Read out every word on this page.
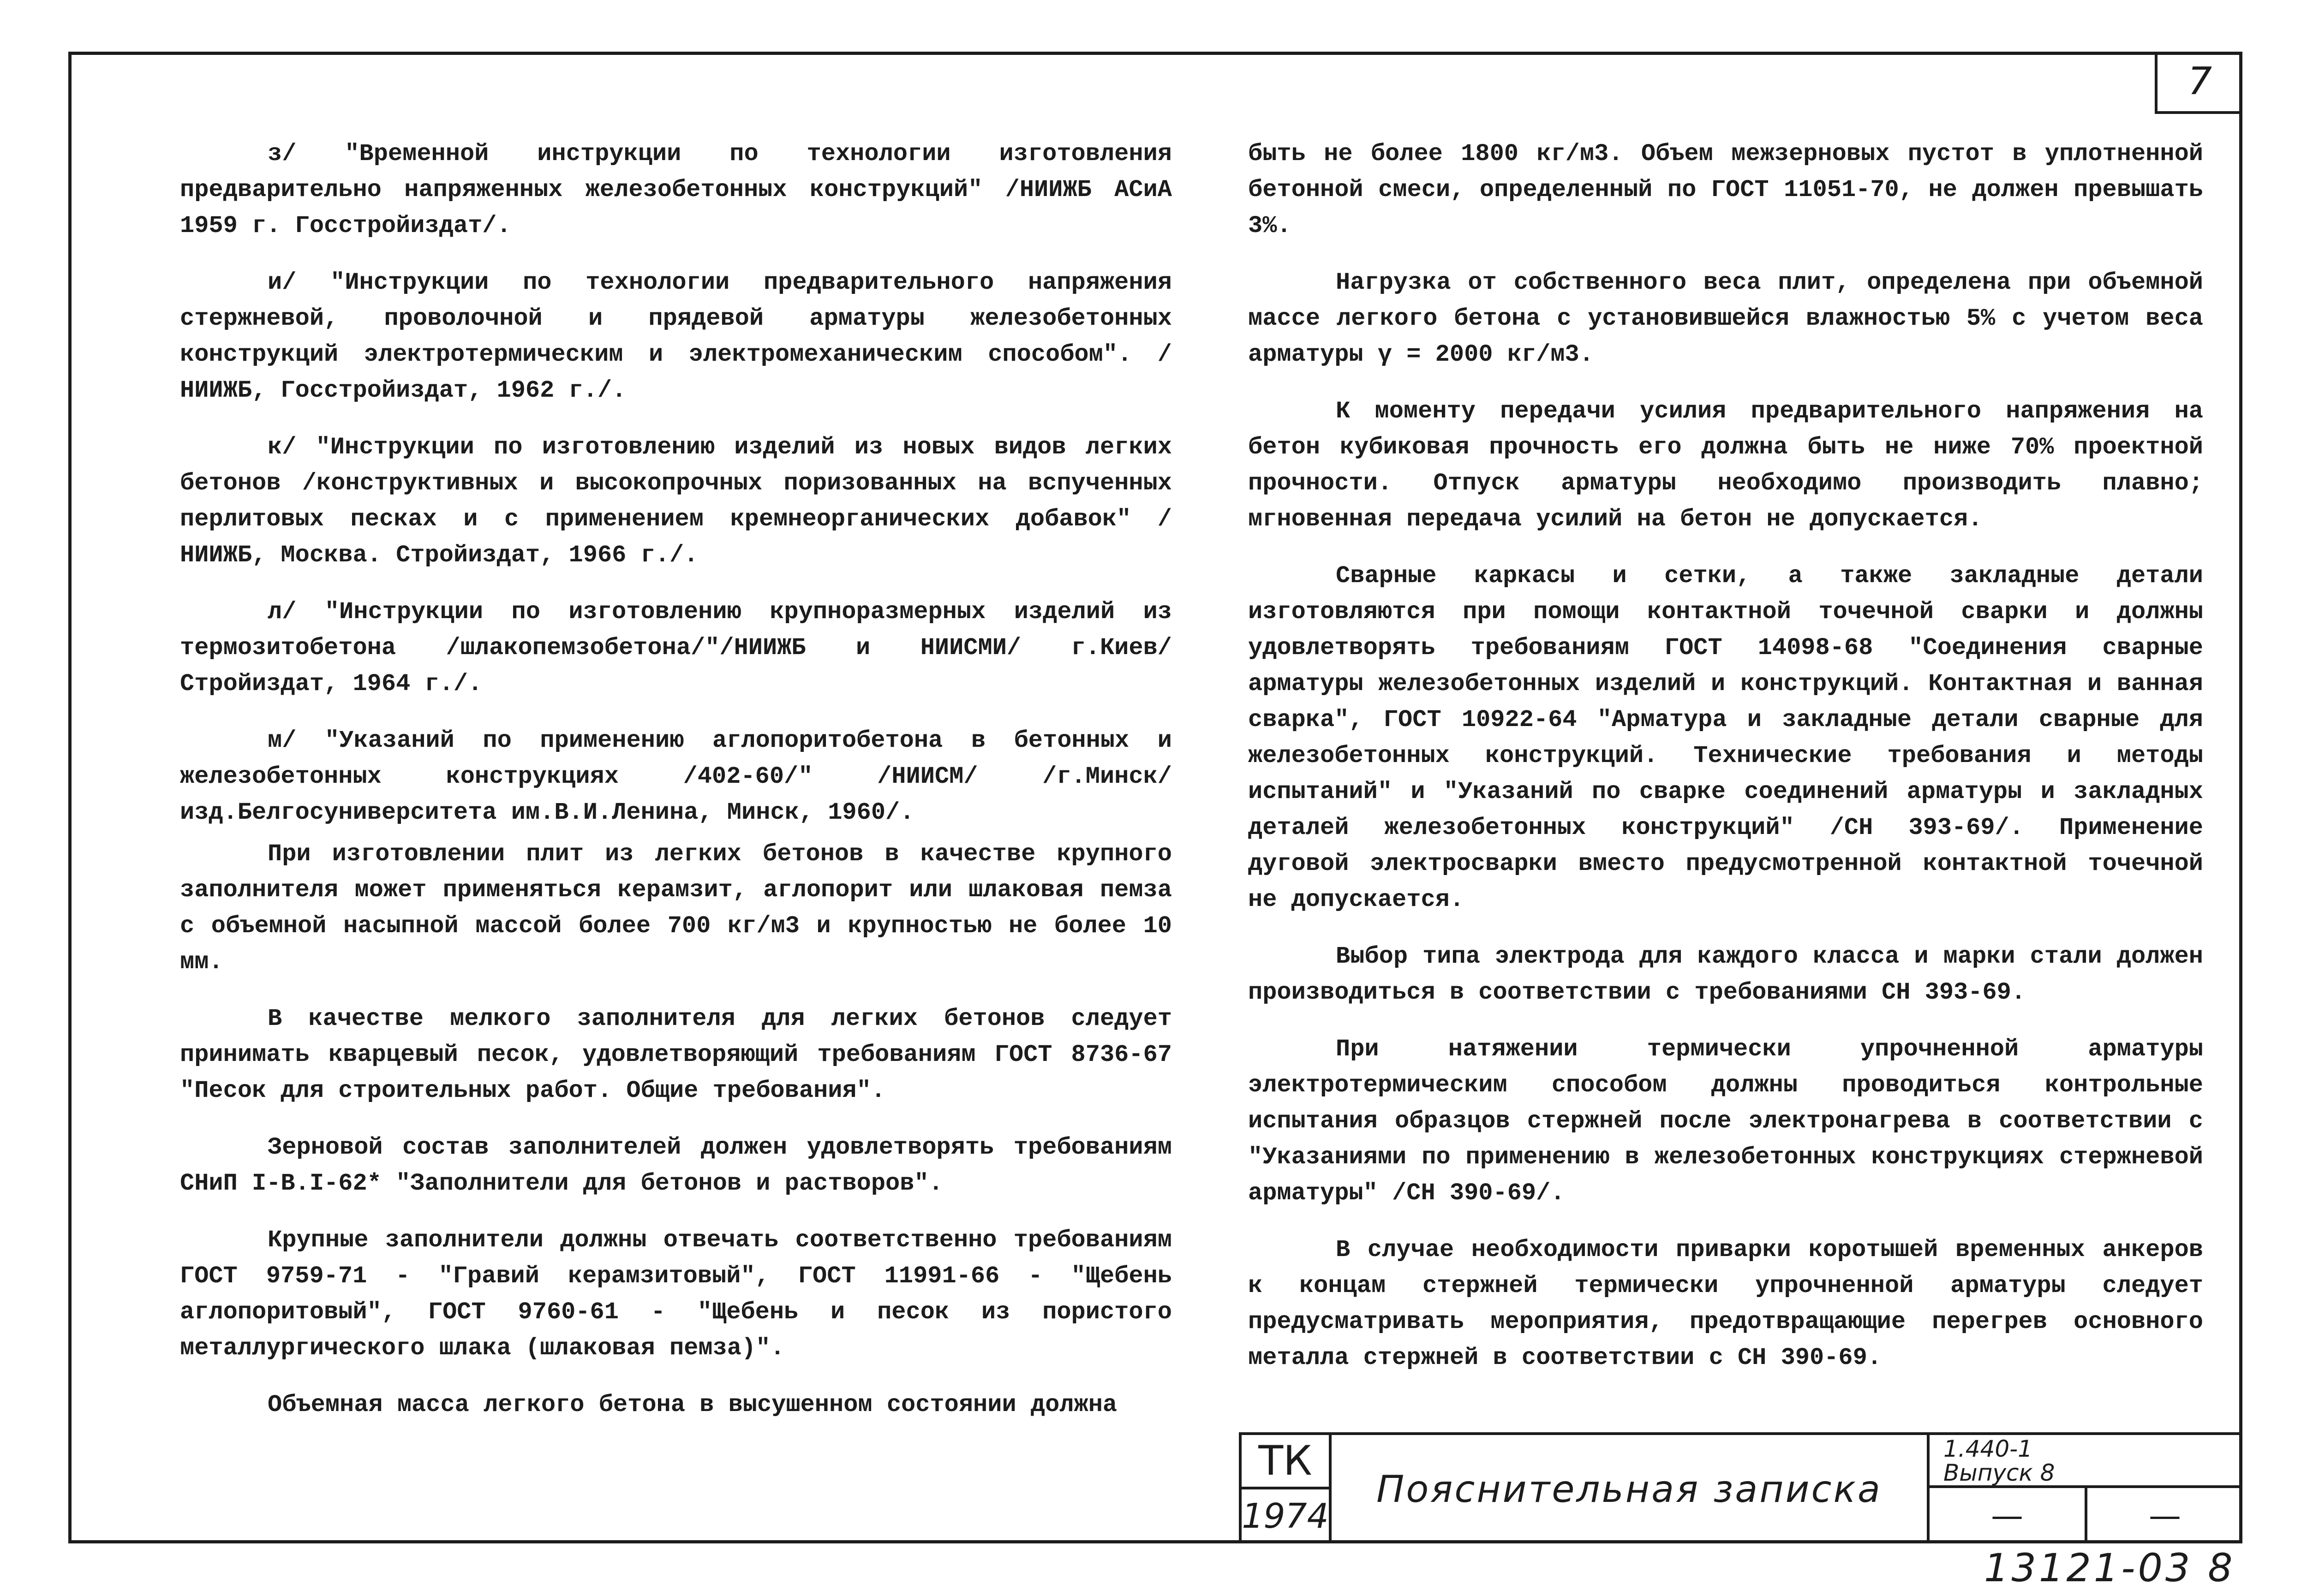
7

з/ "Временной инструкции по технологии изготовления предварительно напряженных железобетонных конструкций" /НИИЖБ АСиА 1959 г. Госстройиздат/.

и/ "Инструкции по технологии предварительного напряжения стержневой, проволочной и прядевой арматуры железобетонных конструкций электротермическим и электромеханическим способом". /НИИЖБ, Госстройиздат, 1962 г./.

к/ "Инструкции по изготовлению изделий из новых видов легких бетонов /конструктивных и высокопрочных поризованных на вспученных перлитовых песках и с применением кремнеорганических добавок" /НИИЖБ, Москва. Стройиздат, 1966 г./.

л/ "Инструкции по изготовлению крупноразмерных изделий из термозитобетона /шлакопемзобетона/"/НИИЖБ и НИИСМИ/ г.Киев/ Стройиздат, 1964 г./.

м/ "Указаний по применению аглопоритобетона в бетонных и железобетонных конструкциях /402-60/" /НИИСМ/ /г.Минск/ изд.Белгосуниверситета им.В.И.Ленина, Минск, 1960/.

При изготовлении плит из легких бетонов в качестве крупного заполнителя может применяться керамзит, аглопорит или шлаковая пемза с объемной насыпной массой более 700 кг/м3 и крупностью не более 10 мм.

В качестве мелкого заполнителя для легких бетонов следует принимать кварцевый песок, удовлетворяющий требованиям ГОСТ 8736-67 "Песок для строительных работ. Общие требования".

Зерновой состав заполнителей должен удовлетворять требованиям СНиП I-В.I-62* "Заполнители для бетонов и растворов".

Крупные заполнители должны отвечать соответственно требованиям ГОСТ 9759-71 - "Гравий керамзитовый", ГОСТ 11991-66 - "Щебень аглопоритовый", ГОСТ 9760-61 - "Щебень и песок из пористого металлургического шлака (шлаковая пемза)".

Объемная масса легкого бетона в высушенном состоянии должна

быть не более 1800 кг/м3. Объем межзерновых пустот в уплотненной бетонной смеси, определенный по ГОСТ 11051-70, не должен превышать 3%.

Нагрузка от собственного веса плит, определена при объемной массе легкого бетона с установившейся влажностью 5% с учетом веса арматуры γ = 2000 кг/м3.

К моменту передачи усилия предварительного напряжения на бетон кубиковая прочность его должна быть не ниже 70% проектной прочности. Отпуск арматуры необходимо производить плавно; мгновенная передача усилий на бетон не допускается.

Сварные каркасы и сетки, а также закладные детали изготовляются при помощи контактной точечной сварки и должны удовлетворять требованиям ГОСТ 14098-68 "Соединения сварные арматуры железобетонных изделий и конструкций. Контактная и ванная сварка", ГОСТ 10922-64 "Арматура и закладные детали сварные для железобетонных конструкций. Технические требования и методы испытаний" и "Указаний по сварке соединений арматуры и закладных деталей железобетонных конструкций" /СН 393-69/. Применение дуговой электросварки вместо предусмотренной контактной точечной не допускается.

Выбор типа электрода для каждого класса и марки стали должен производиться в соответствии с требованиями СН 393-69.

При натяжении термически упрочненной арматуры электротермическим способом должны проводиться контрольные испытания образцов стержней после электронагрева в соответствии с "Указаниями по применению в железобетонных конструкциях стержневой арматуры" /СН 390-69/.

В случае необходимости приварки коротышей временных анкеров к концам стержней термически упрочненной арматуры следует предусматривать мероприятия, предотвращающие перегрев основного металла стержней в соответствии с СН 390-69.

ТК
1974
Пояснительная записка
1.440-1
Выпуск 8
—	—
13121-03 8
